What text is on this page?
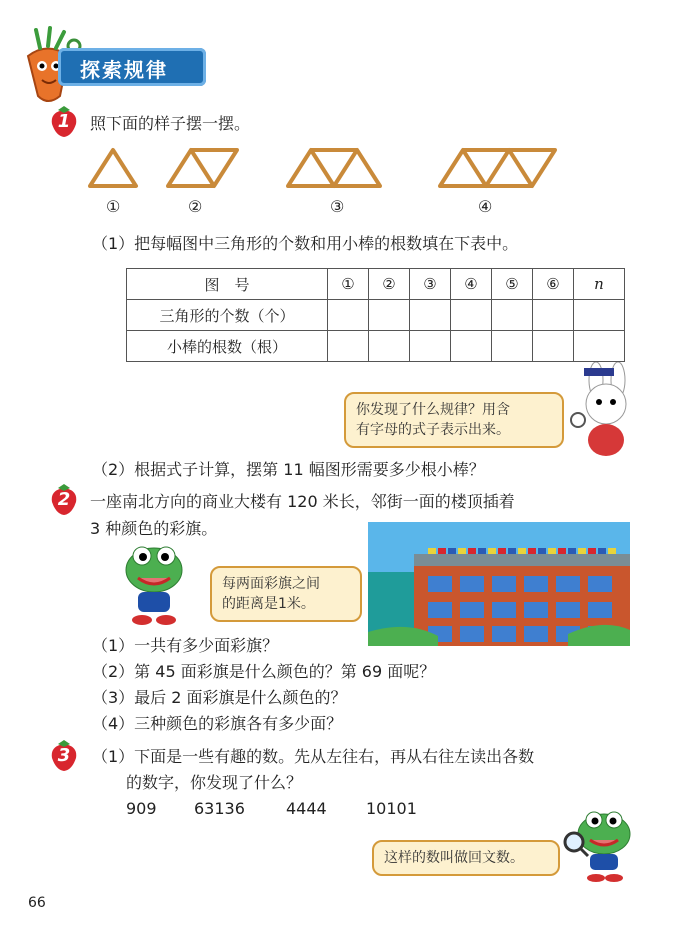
探索规律
1	照下面的样子摆一摆。
①	②	③	④
（1）把每幅图中三角形的个数和用小棒的根数填在下表中。
图　号	①	②	③	④	⑤	⑥	n
三角形的个数（个）							
小棒的根数（根）							
你发现了什么规律？用含
有字母的式子表示出来。
（2）根据式子计算，摆第 11 幅图形需要多少根小棒？
2	一座南北方向的商业大楼有 120 米长，邻街一面的楼顶插着
3 种颜色的彩旗。
每两面彩旗之间
的距离是1米。
（1）一共有多少面彩旗？
（2）第 45 面彩旗是什么颜色的？第 69 面呢？
（3）最后 2 面彩旗是什么颜色的？
（4）三种颜色的彩旗各有多少面？
3	（1）下面是一些有趣的数。先从左往右，再从右往左读出各数
的数字，你发现了什么？
909 63136	4444 10101
这样的数叫做回文数。
66
